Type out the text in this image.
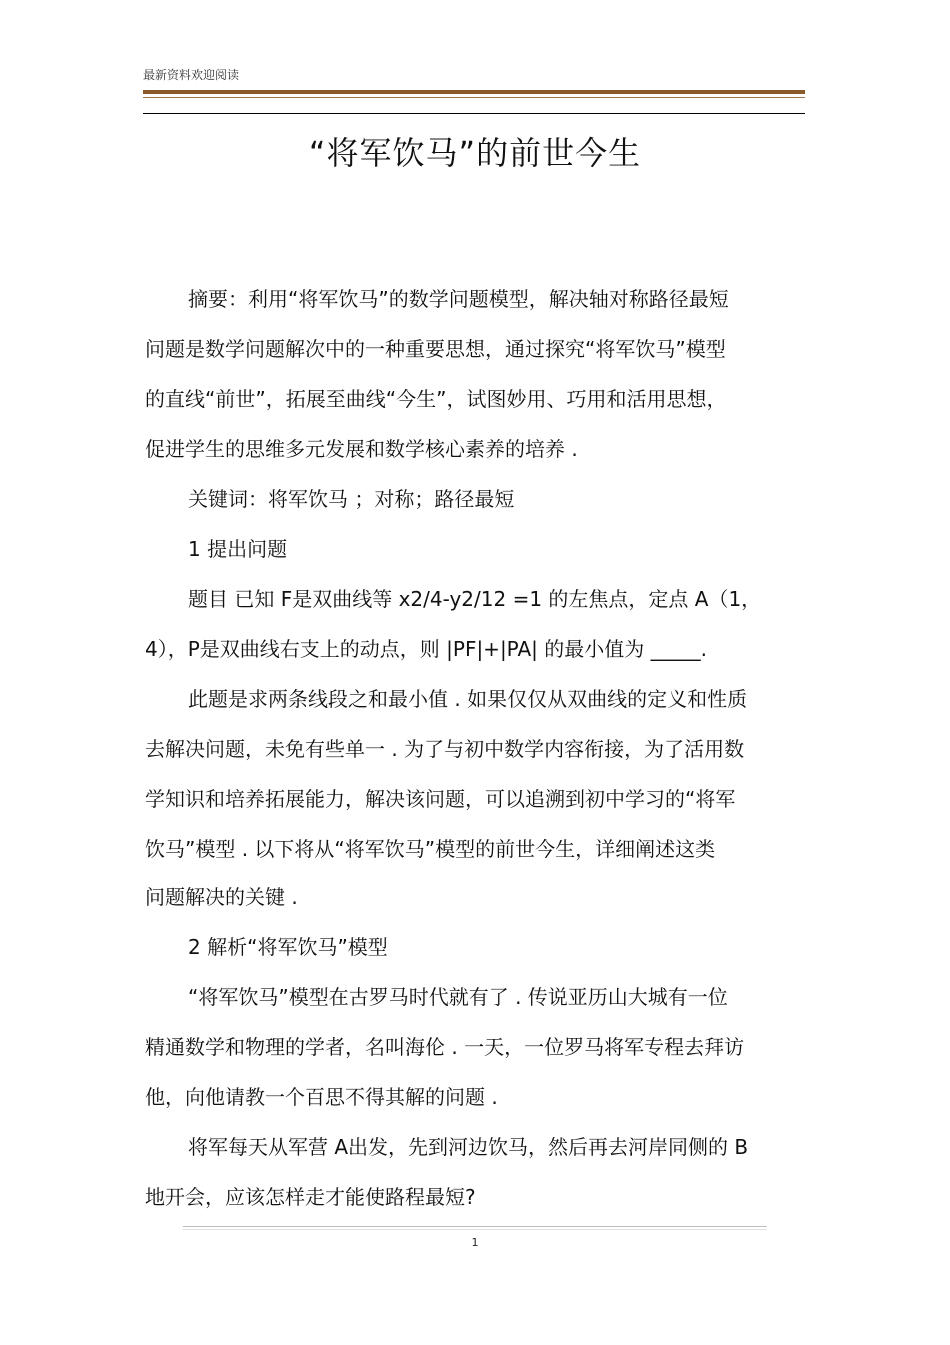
最新资料欢迎阅读
“将军饮马”的前世今生
摘要：利用“将军饮马”的数学问题模型，解决轴对称路径最短
问题是数学问题解次中的一种重要思想，通过探究“将军饮马”模型
的直线“前世”，拓展至曲线“今生”，试图妙用、巧用和活用思想，
促进学生的思维多元发展和数学核心素养的培养 .
关键词：将军饮马 ；对称；路径最短
1 提出问题
题目 已知 F是双曲线等 x2/4-y2/12 =1 的左焦点，定点 A（1，
4），P是双曲线右支上的动点，则 |PF|+|PA| 的最小值为 _____.
此题是求两条线段之和最小值 . 如果仅仅从双曲线的定义和性质
去解决问题，未免有些单一 . 为了与初中数学内容衔接，为了活用数
学知识和培养拓展能力，解决该问题，可以追溯到初中学习的“将军
饮马”模型 . 以下将从“将军饮马”模型的前世今生，详细阐述这类
问题解决的关键 .
2 解析“将军饮马”模型
“将军饮马”模型在古罗马时代就有了 . 传说亚历山大城有一位
精通数学和物理的学者，名叫海伦 . 一天，一位罗马将军专程去拜访
他，向他请教一个百思不得其解的问题 .
将军每天从军营 A出发，先到河边饮马，然后再去河岸同侧的 B
地开会，应该怎样走才能使路程最短?
1
